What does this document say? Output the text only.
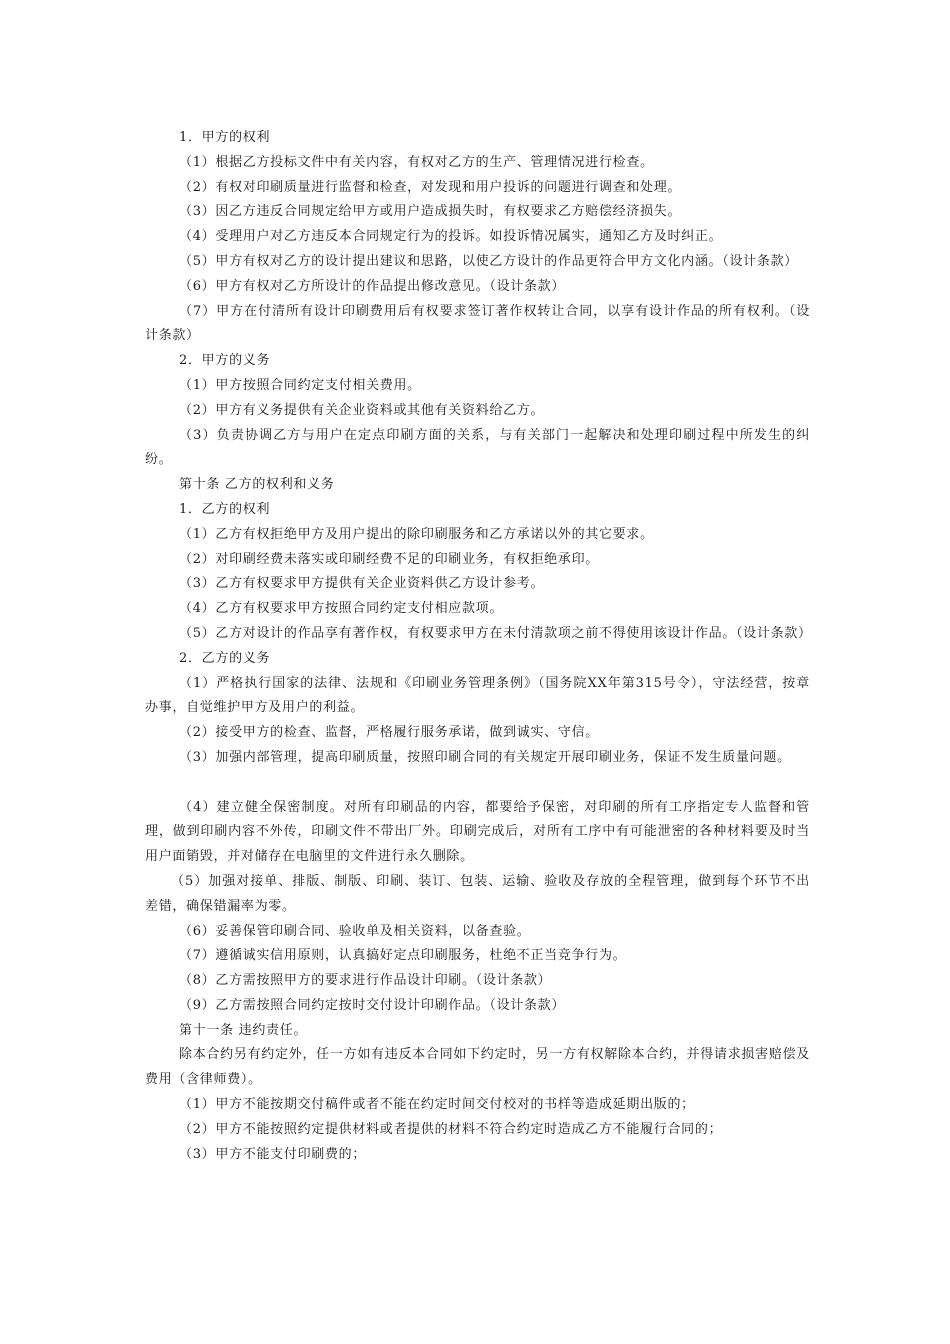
1．甲方的权利

（1）根据乙方投标文件中有关内容，有权对乙方的生产、管理情况进行检查。

（2）有权对印刷质量进行监督和检查，对发现和用户投诉的问题进行调查和处理。

（3）因乙方违反合同规定给甲方或用户造成损失时，有权要求乙方赔偿经济损失。

（4）受理用户对乙方违反本合同规定行为的投诉。如投诉情况属实，通知乙方及时纠正。

（5）甲方有权对乙方的设计提出建议和思路，以使乙方设计的作品更符合甲方文化内涵。（设计条款）

（6）甲方有权对乙方所设计的作品提出修改意见。（设计条款）

（7）甲方在付清所有设计印刷费用后有权要求签订著作权转让合同，以享有设计作品的所有权利。（设计条款）

2．甲方的义务

（1）甲方按照合同约定支付相关费用。

（2）甲方有义务提供有关企业资料或其他有关资料给乙方。

（3）负责协调乙方与用户在定点印刷方面的关系，与有关部门一起解决和处理印刷过程中所发生的纠纷。

第十条 乙方的权利和义务

1．乙方的权利

（1）乙方有权拒绝甲方及用户提出的除印刷服务和乙方承诺以外的其它要求。

（2）对印刷经费未落实或印刷经费不足的印刷业务，有权拒绝承印。

（3）乙方有权要求甲方提供有关企业资料供乙方设计参考。

（4）乙方有权要求甲方按照合同约定支付相应款项。

（5）乙方对设计的作品享有著作权，有权要求甲方在未付清款项之前不得使用该设计作品。（设计条款）

2．乙方的义务

（1）严格执行国家的法律、法规和《印刷业务管理条例》（国务院XX年第315号令），守法经营，按章办事，自觉维护甲方及用户的利益。

（2）接受甲方的检查、监督，严格履行服务承诺，做到诚实、守信。

（3）加强内部管理，提高印刷质量，按照印刷合同的有关规定开展印刷业务，保证不发生质量问题。

（4）建立健全保密制度。对所有印刷品的内容，都要给予保密，对印刷的所有工序指定专人监督和管理，做到印刷内容不外传，印刷文件不带出厂外。印刷完成后，对所有工序中有可能泄密的各种材料要及时当用户面销毁，并对储存在电脑里的文件进行永久删除。

（5）加强对接单、排版、制版、印刷、装订、包装、运输、验收及存放的全程管理，做到每个环节不出差错，确保错漏率为零。

（6）妥善保管印刷合同、验收单及相关资料，以备查验。

（7）遵循诚实信用原则，认真搞好定点印刷服务，杜绝不正当竞争行为。

（8）乙方需按照甲方的要求进行作品设计印刷。（设计条款）

（9）乙方需按照合同约定按时交付设计印刷作品。（设计条款）

第十一条 违约责任。

除本合约另有约定外，任一方如有违反本合同如下约定时，另一方有权解除本合约，并得请求损害赔偿及费用（含律师费）。

（1）甲方不能按期交付稿件或者不能在约定时间交付校对的书样等造成延期出版的；

（2）甲方不能按照约定提供材料或者提供的材料不符合约定时造成乙方不能履行合同的；

（3）甲方不能支付印刷费的；
